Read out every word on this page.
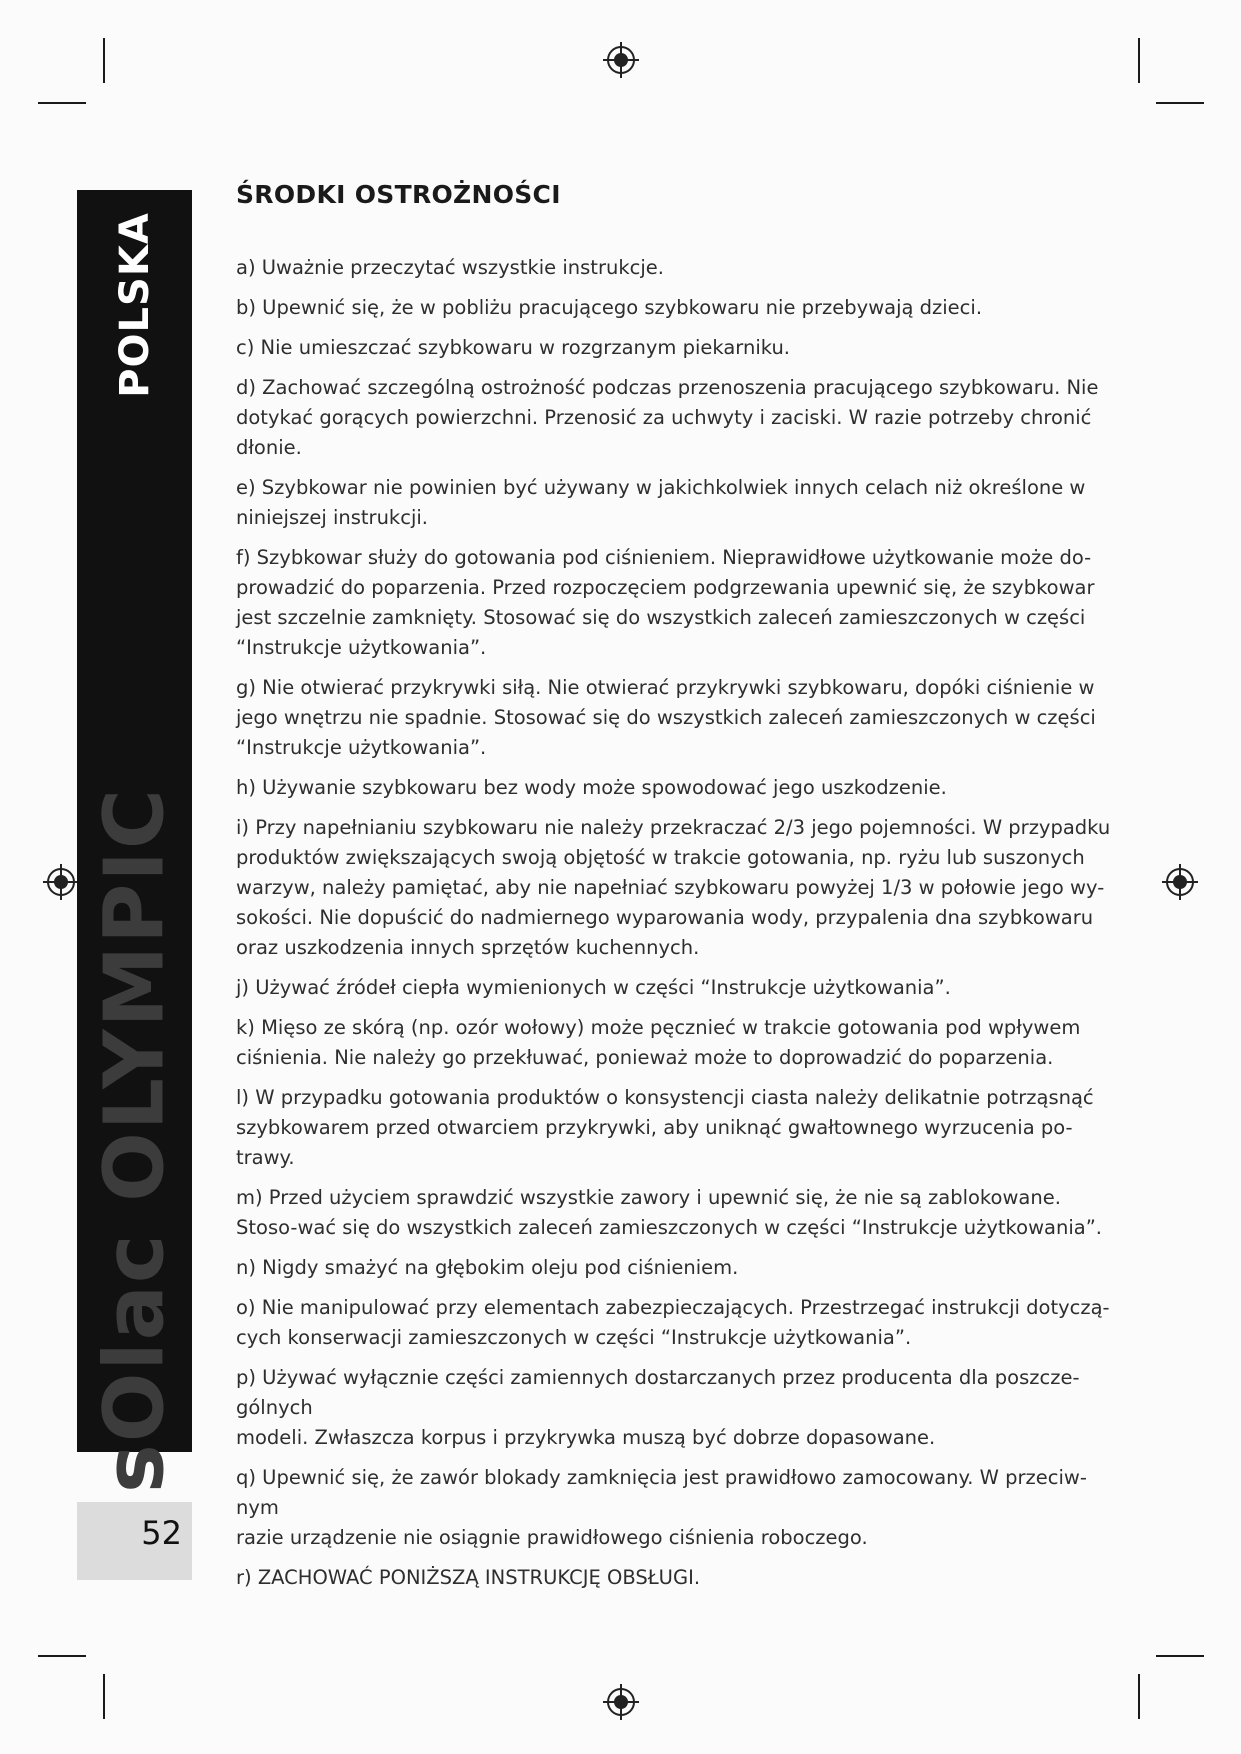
POLSKA
sOlac OLYMPIC
52
ŚRODKI OSTROŻNOŚCI

a) Uważnie przeczytać wszystkie instrukcje.

b) Upewnić się, że w pobliżu pracującego szybkowaru nie przebywają dzieci.

c) Nie umieszczać szybkowaru w rozgrzanym piekarniku.

d) Zachować szczególną ostrożność podczas przenoszenia pracującego szybkowaru. Nie dotykać gorących powierzchni. Przenosić za uchwyty i zaciski. W razie potrzeby chronić dłonie.

e) Szybkowar nie powinien być używany w jakichkolwiek innych celach niż określone w niniejszej instrukcji.

f) Szybkowar służy do gotowania pod ciśnieniem. Nieprawidłowe użytkowanie może do-prowadzić do poparzenia. Przed rozpoczęciem podgrzewania upewnić się, że szybkowar jest szczelnie zamknięty. Stosować się do wszystkich zaleceń zamieszczonych w części “Instrukcje użytkowania”.

g) Nie otwierać przykrywki siłą. Nie otwierać przykrywki szybkowaru, dopóki ciśnienie w jego wnętrzu nie spadnie. Stosować się do wszystkich zaleceń zamieszczonych w części “Instrukcje użytkowania”.

h) Używanie szybkowaru bez wody może spowodować jego uszkodzenie.

i) Przy napełnianiu szybkowaru nie należy przekraczać 2/3 jego pojemności. W przypadku produktów zwiększających swoją objętość w trakcie gotowania, np. ryżu lub suszonych warzyw, należy pamiętać, aby nie napełniać szybkowaru powyżej 1/3 w połowie jego wy-sokości. Nie dopuścić do nadmiernego wyparowania wody, przypalenia dna szybkowaru oraz uszkodzenia innych sprzętów kuchennych.

j) Używać źródeł ciepła wymienionych w części “Instrukcje użytkowania”.

k) Mięso ze skórą (np. ozór wołowy) może pęcznieć w trakcie gotowania pod wpływem ciśnienia. Nie należy go przekłuwać, ponieważ może to doprowadzić do poparzenia.

l) W przypadku gotowania produktów o konsystencji ciasta należy delikatnie potrząsnąć szybkowarem przed otwarciem przykrywki, aby uniknąć gwałtownego wyrzucenia po-trawy.

m) Przed użyciem sprawdzić wszystkie zawory i upewnić się, że nie są zablokowane. Stoso-wać się do wszystkich zaleceń zamieszczonych w części “Instrukcje użytkowania”.

n) Nigdy smażyć na głębokim oleju pod ciśnieniem.

o) Nie manipulować przy elementach zabezpieczających. Przestrzegać instrukcji dotyczą-cych konserwacji zamieszczonych w części “Instrukcje użytkowania”.

p) Używać wyłącznie części zamiennych dostarczanych przez producenta dla poszcze-gólnych
modeli. Zwłaszcza korpus i przykrywka muszą być dobrze dopasowane.

q) Upewnić się, że zawór blokady zamknięcia jest prawidłowo zamocowany. W przeciw-nym
razie urządzenie nie osiągnie prawidłowego ciśnienia roboczego.

r) ZACHOWAĆ PONIŻSZĄ INSTRUKCJĘ OBSŁUGI.
